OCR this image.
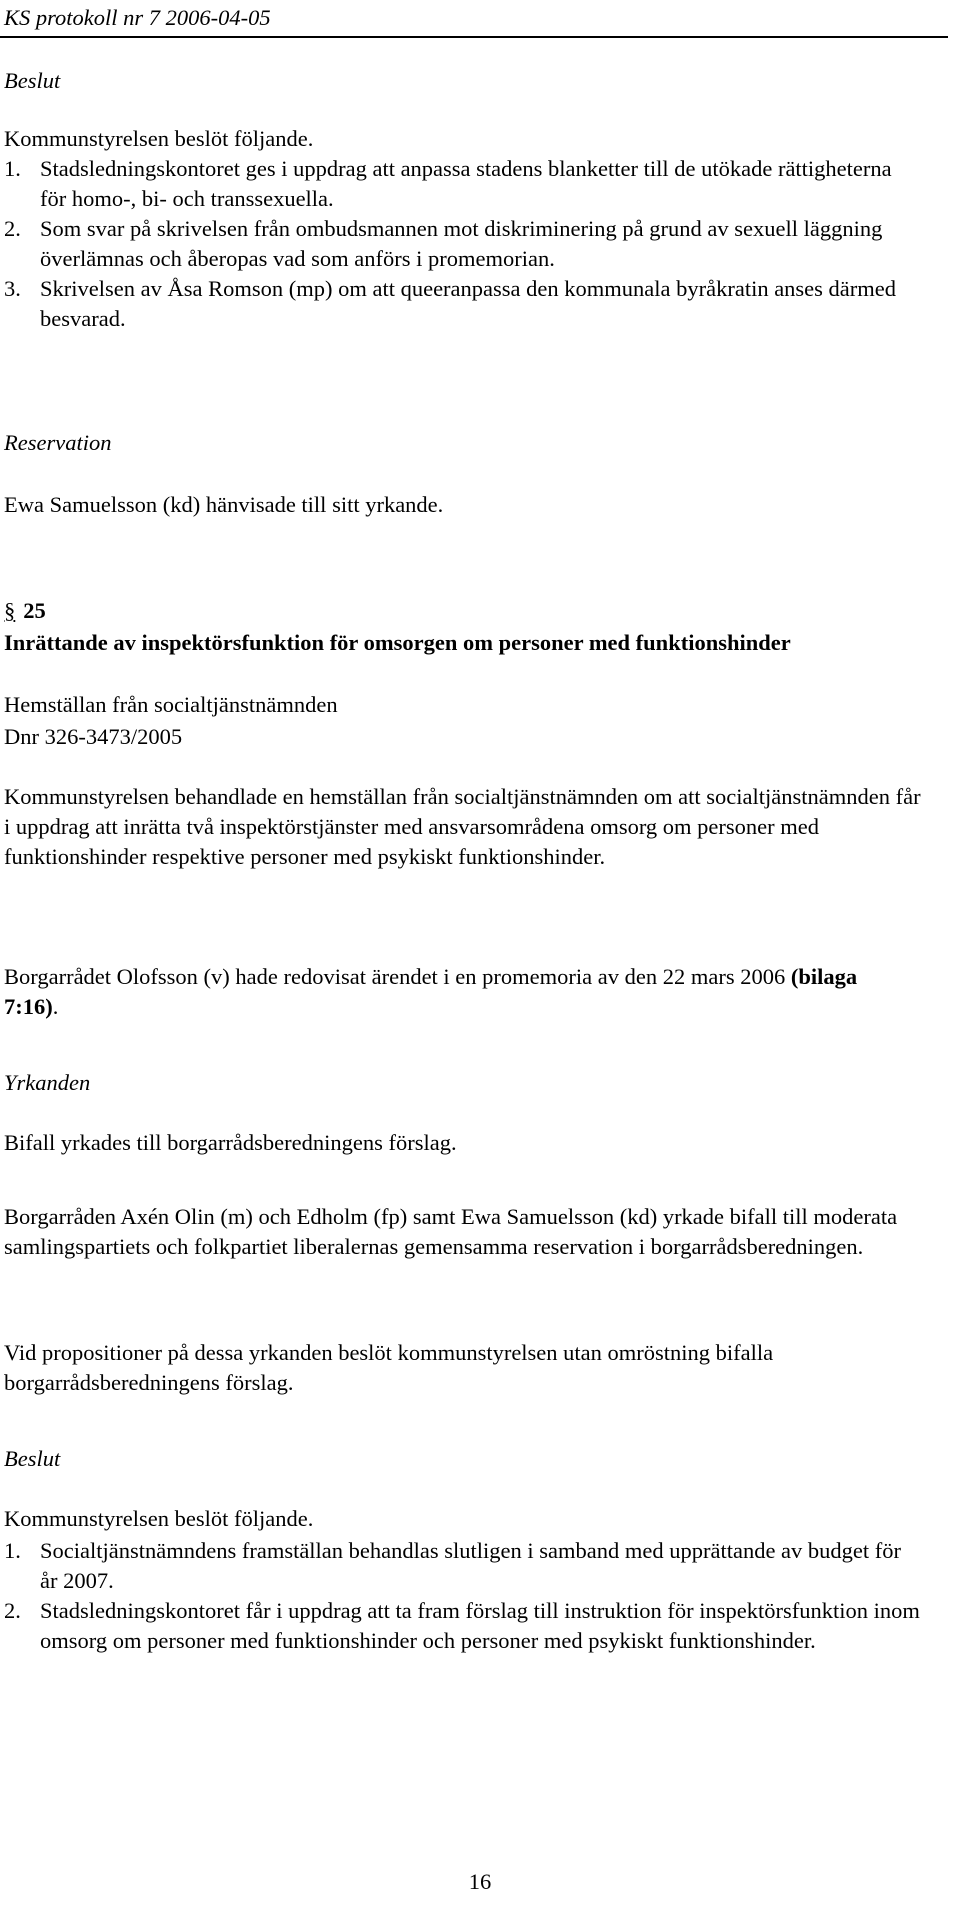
KS protokoll nr 7 2006-04-05
Beslut
Kommunstyrelsen beslöt följande.
1. Stadsledningskontoret ges i uppdrag att anpassa stadens blanketter till de utökade rättigheterna för homo-, bi- och transsexuella.
2. Som svar på skrivelsen från ombudsmannen mot diskriminering på grund av sexuell läggning överlämnas och åberopas vad som anförs i promemorian.
3. Skrivelsen av Åsa Romson (mp) om att queeranpassa den kommunala byråkratin anses därmed besvarad.
Reservation
Ewa Samuelsson (kd) hänvisade till sitt yrkande.
§ 25
Inrättande av inspektörsfunktion för omsorgen om personer med funktionshinder
Hemställan från socialtjänstnämnden
Dnr 326-3473/2005

Kommunstyrelsen behandlade en hemställan från socialtjänstnämnden om att socialtjänstnämnden får i uppdrag att inrätta två inspektörstjänster med ansvarsområdena omsorg om personer med funktionshinder respektive personer med psykiskt funktionshinder.

Borgarrådet Olofsson (v) hade redovisat ärendet i en promemoria av den 22 mars 2006 (bilaga 7:16).

Yrkanden

Bifall yrkades till borgarrådsberedningens förslag.

Borgarråden Axén Olin (m) och Edholm (fp) samt Ewa Samuelsson (kd) yrkade bifall till moderata samlingspartiets och folkpartiet liberalernas gemensamma reservation i borgarrådsberedningen.

Vid propositioner på dessa yrkanden beslöt kommunstyrelsen utan omröstning bifalla borgarrådsberedningens förslag.

Beslut
Kommunstyrelsen beslöt följande.
1. Socialtjänstnämndens framställan behandlas slutligen i samband med upprättande av budget för år 2007.
2. Stadsledningskontoret får i uppdrag att ta fram förslag till instruktion för inspektörsfunktion inom omsorg om personer med funktionshinder och personer med psykiskt funktionshinder.
16
